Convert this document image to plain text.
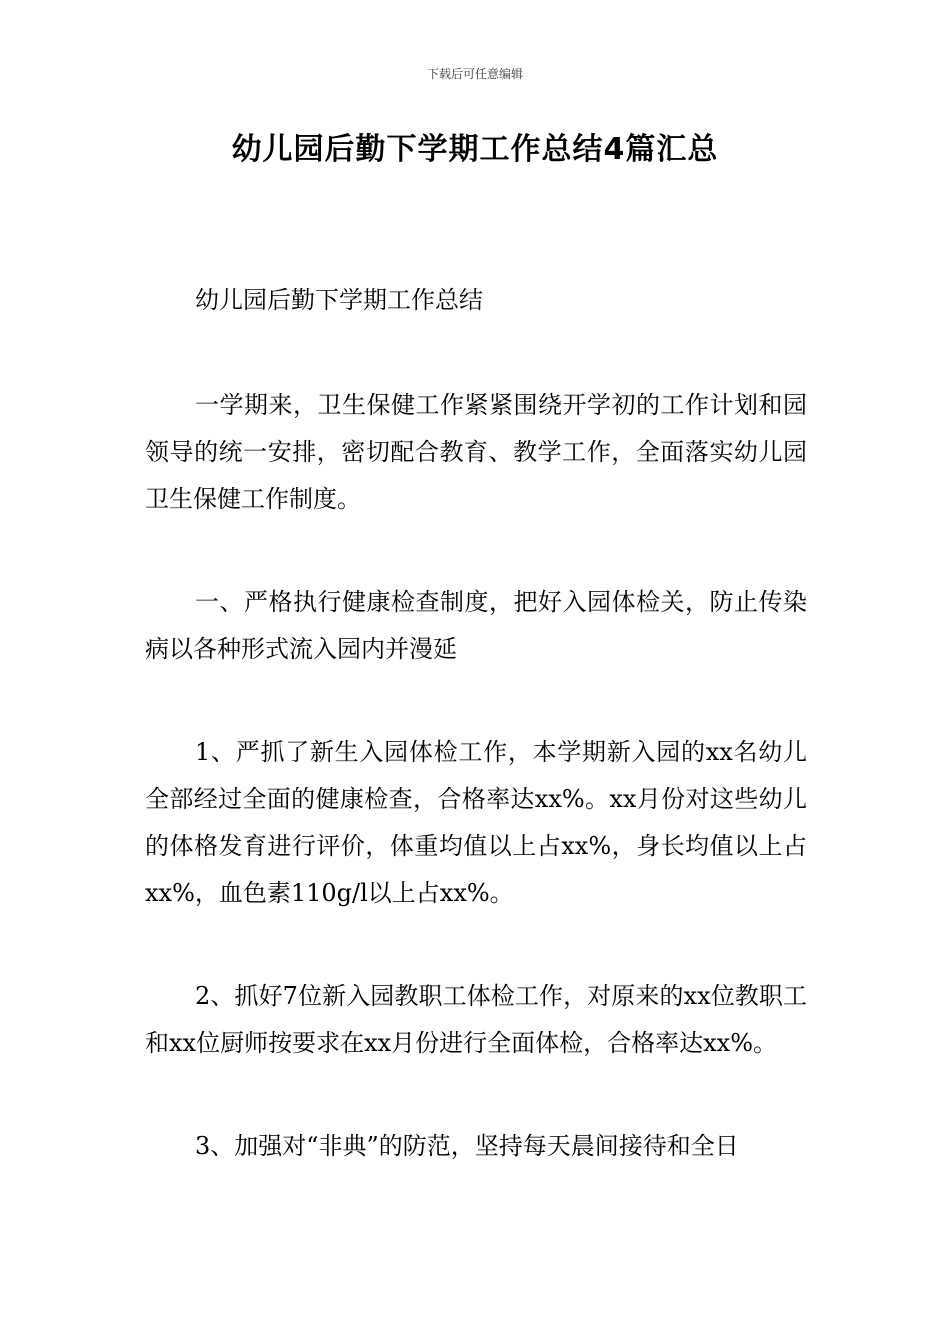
下载后可任意编辑
幼儿园后勤下学期工作总结4篇汇总

幼儿园后勤下学期工作总结

一学期来，卫生保健工作紧紧围绕开学初的工作计划和园领导的统一安排，密切配合教育、教学工作，全面落实幼儿园卫生保健工作制度。

一、严格执行健康检查制度，把好入园体检关，防止传染病以各种形式流入园内并漫延

1、严抓了新生入园体检工作，本学期新入园的xx名幼儿全部经过全面的健康检查，合格率达xx%。xx月份对这些幼儿的体格发育进行评价，体重均值以上占xx%，身长均值以上占xx%，血色素110g/l以上占xx%。

2、抓好7位新入园教职工体检工作，对原来的xx位教职工和xx位厨师按要求在xx月份进行全面体检，合格率达xx%。

3、加强对“非典”的防范，坚持每天晨间接待和全日
